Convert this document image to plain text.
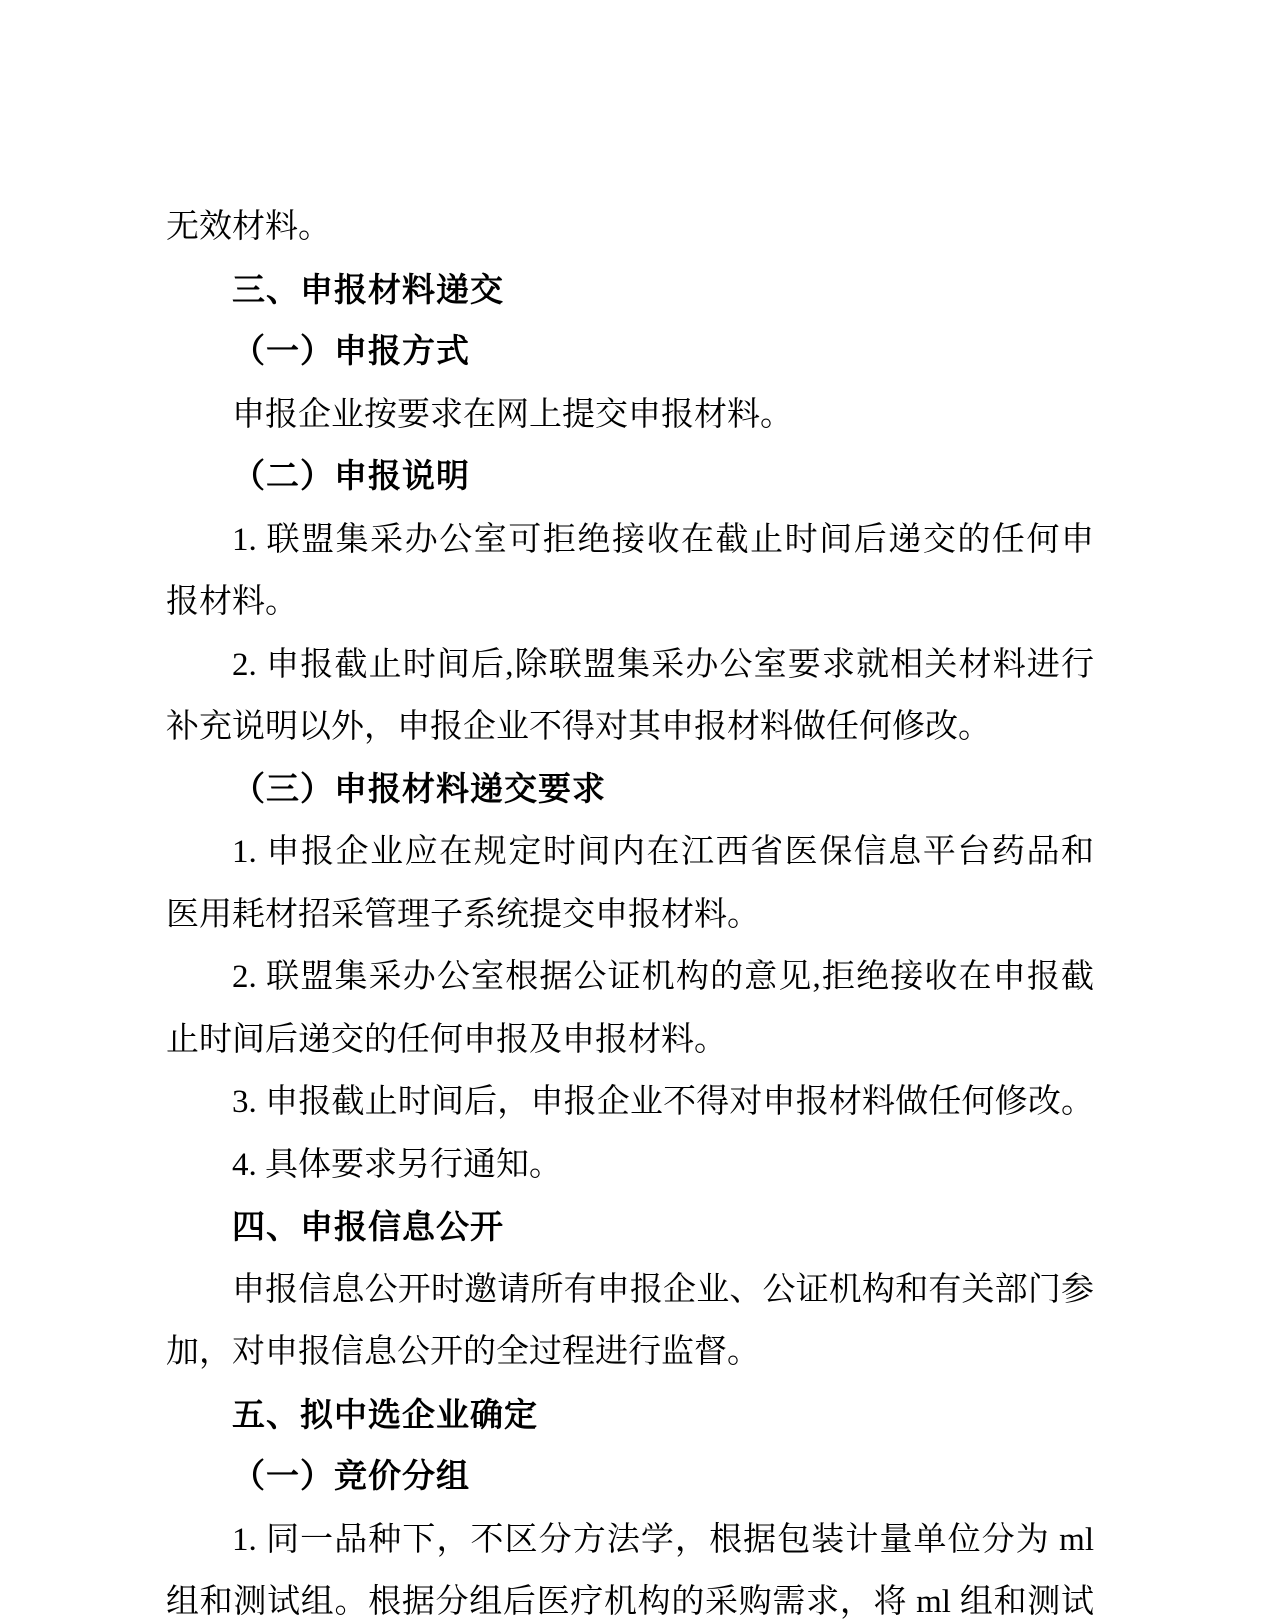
无效材料。
三、申报材料递交
（一）申报方式
申报企业按要求在网上提交申报材料。
（二）申报说明
1. 联盟集采办公室可拒绝接收在截止时间后递交的任何申
报材料。
2. 申报截止时间后,除联盟集采办公室要求就相关材料进行
补充说明以外，申报企业不得对其申报材料做任何修改。
（三）申报材料递交要求
1. 申报企业应在规定时间内在江西省医保信息平台药品和
医用耗材招采管理子系统提交申报材料。
2. 联盟集采办公室根据公证机构的意见,拒绝接收在申报截
止时间后递交的任何申报及申报材料。
3. 申报截止时间后，申报企业不得对申报材料做任何修改。
4. 具体要求另行通知。
四、申报信息公开
申报信息公开时邀请所有申报企业、公证机构和有关部门参
加，对申报信息公开的全过程进行监督。
五、拟中选企业确定
（一）竞价分组
1. 同一品种下，不区分方法学，根据包装计量单位分为 ml
组和测试组。根据分组后医疗机构的采购需求，将 ml 组和测试
